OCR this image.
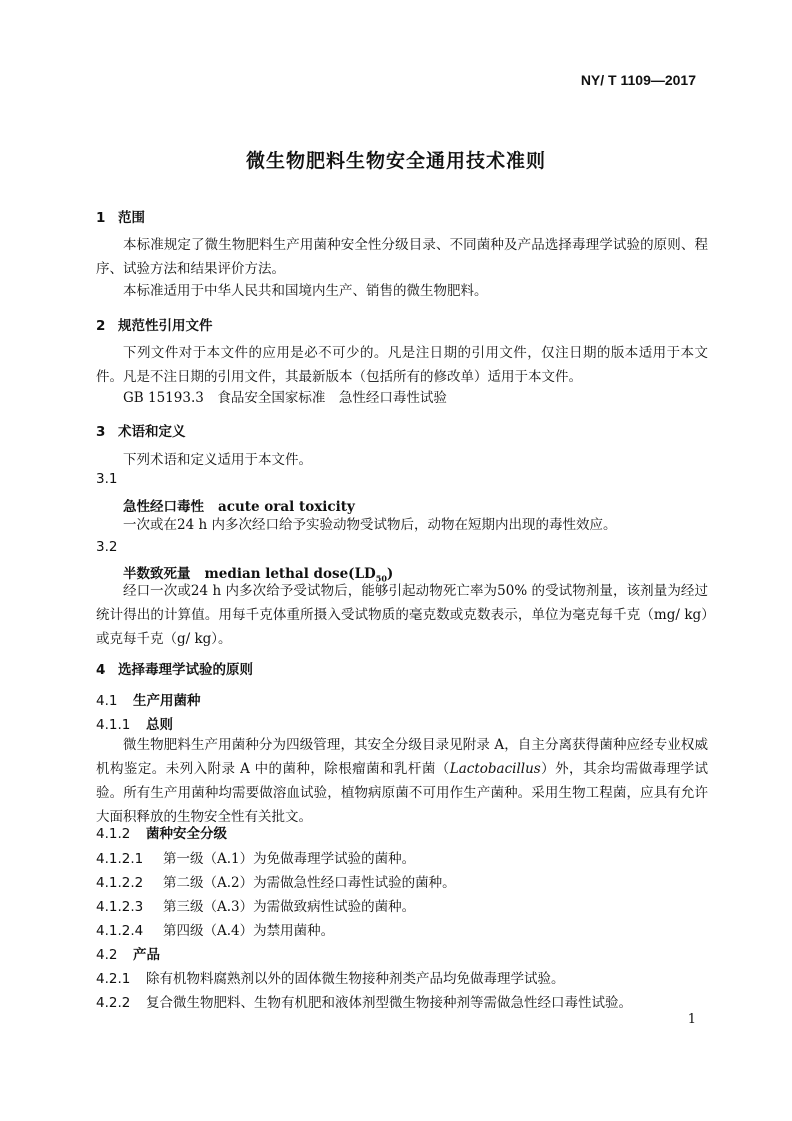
NY/ T 1109—2017
微生物肥料生物安全通用技术准则
1 范围
本标准规定了微生物肥料生产用菌种安全性分级目录、不同菌种及产品选择毒理学试验的原则、程序、试验方法和结果评价方法。
本标准适用于中华人民共和国境内生产、销售的微生物肥料。
2 规范性引用文件
下列文件对于本文件的应用是必不可少的。凡是注日期的引用文件，仅注日期的版本适用于本文件。凡是不注日期的引用文件，其最新版本（包括所有的修改单）适用于本文件。
GB 15193.3　食品安全国家标准　急性经口毒性试验
3 术语和定义
下列术语和定义适用于本文件。
3.1
急性经口毒性 acute oral toxicity
一次或在24 h 内多次经口给予实验动物受试物后，动物在短期内出现的毒性效应。
3.2
半数致死量 median lethal $dose(LD_{50})$
经口一次或24 h 内多次给予受试物后，能够引起动物死亡率为50% 的受试物剂量，该剂量为经过统计得出的计算值。用每千克体重所摄入受试物质的毫克数或克数表示，单位为毫克每千克（mg/ kg）或克每千克（g/ kg）。
4 选择毒理学试验的原则
4.1 生产用菌种
4.1.1 总则
微生物肥料生产用菌种分为四级管理，其安全分级目录见附录 A，自主分离获得菌种应经专业权威机构鉴定。未列入附录 A 中的菌种，除根瘤菌和乳杆菌（Lactobacillus）外，其余均需做毒理学试验。所有生产用菌种均需要做溶血试验，植物病原菌不可用作生产菌种。采用生物工程菌，应具有允许大面积释放的生物安全性有关批文。
4.1.2 菌种安全分级
4.1.2.1 第一级（A.1）为免做毒理学试验的菌种。
4.1.2.2 第二级（A.2）为需做急性经口毒性试验的菌种。
4.1.2.3 第三级（A.3）为需做致病性试验的菌种。
4.1.2.4 第四级（A.4）为禁用菌种。
4.2 产品
4.2.1 除有机物料腐熟剂以外的固体微生物接种剂类产品均免做毒理学试验。
4.2.2 复合微生物肥料、生物有机肥和液体剂型微生物接种剂等需做急性经口毒性试验。
1
